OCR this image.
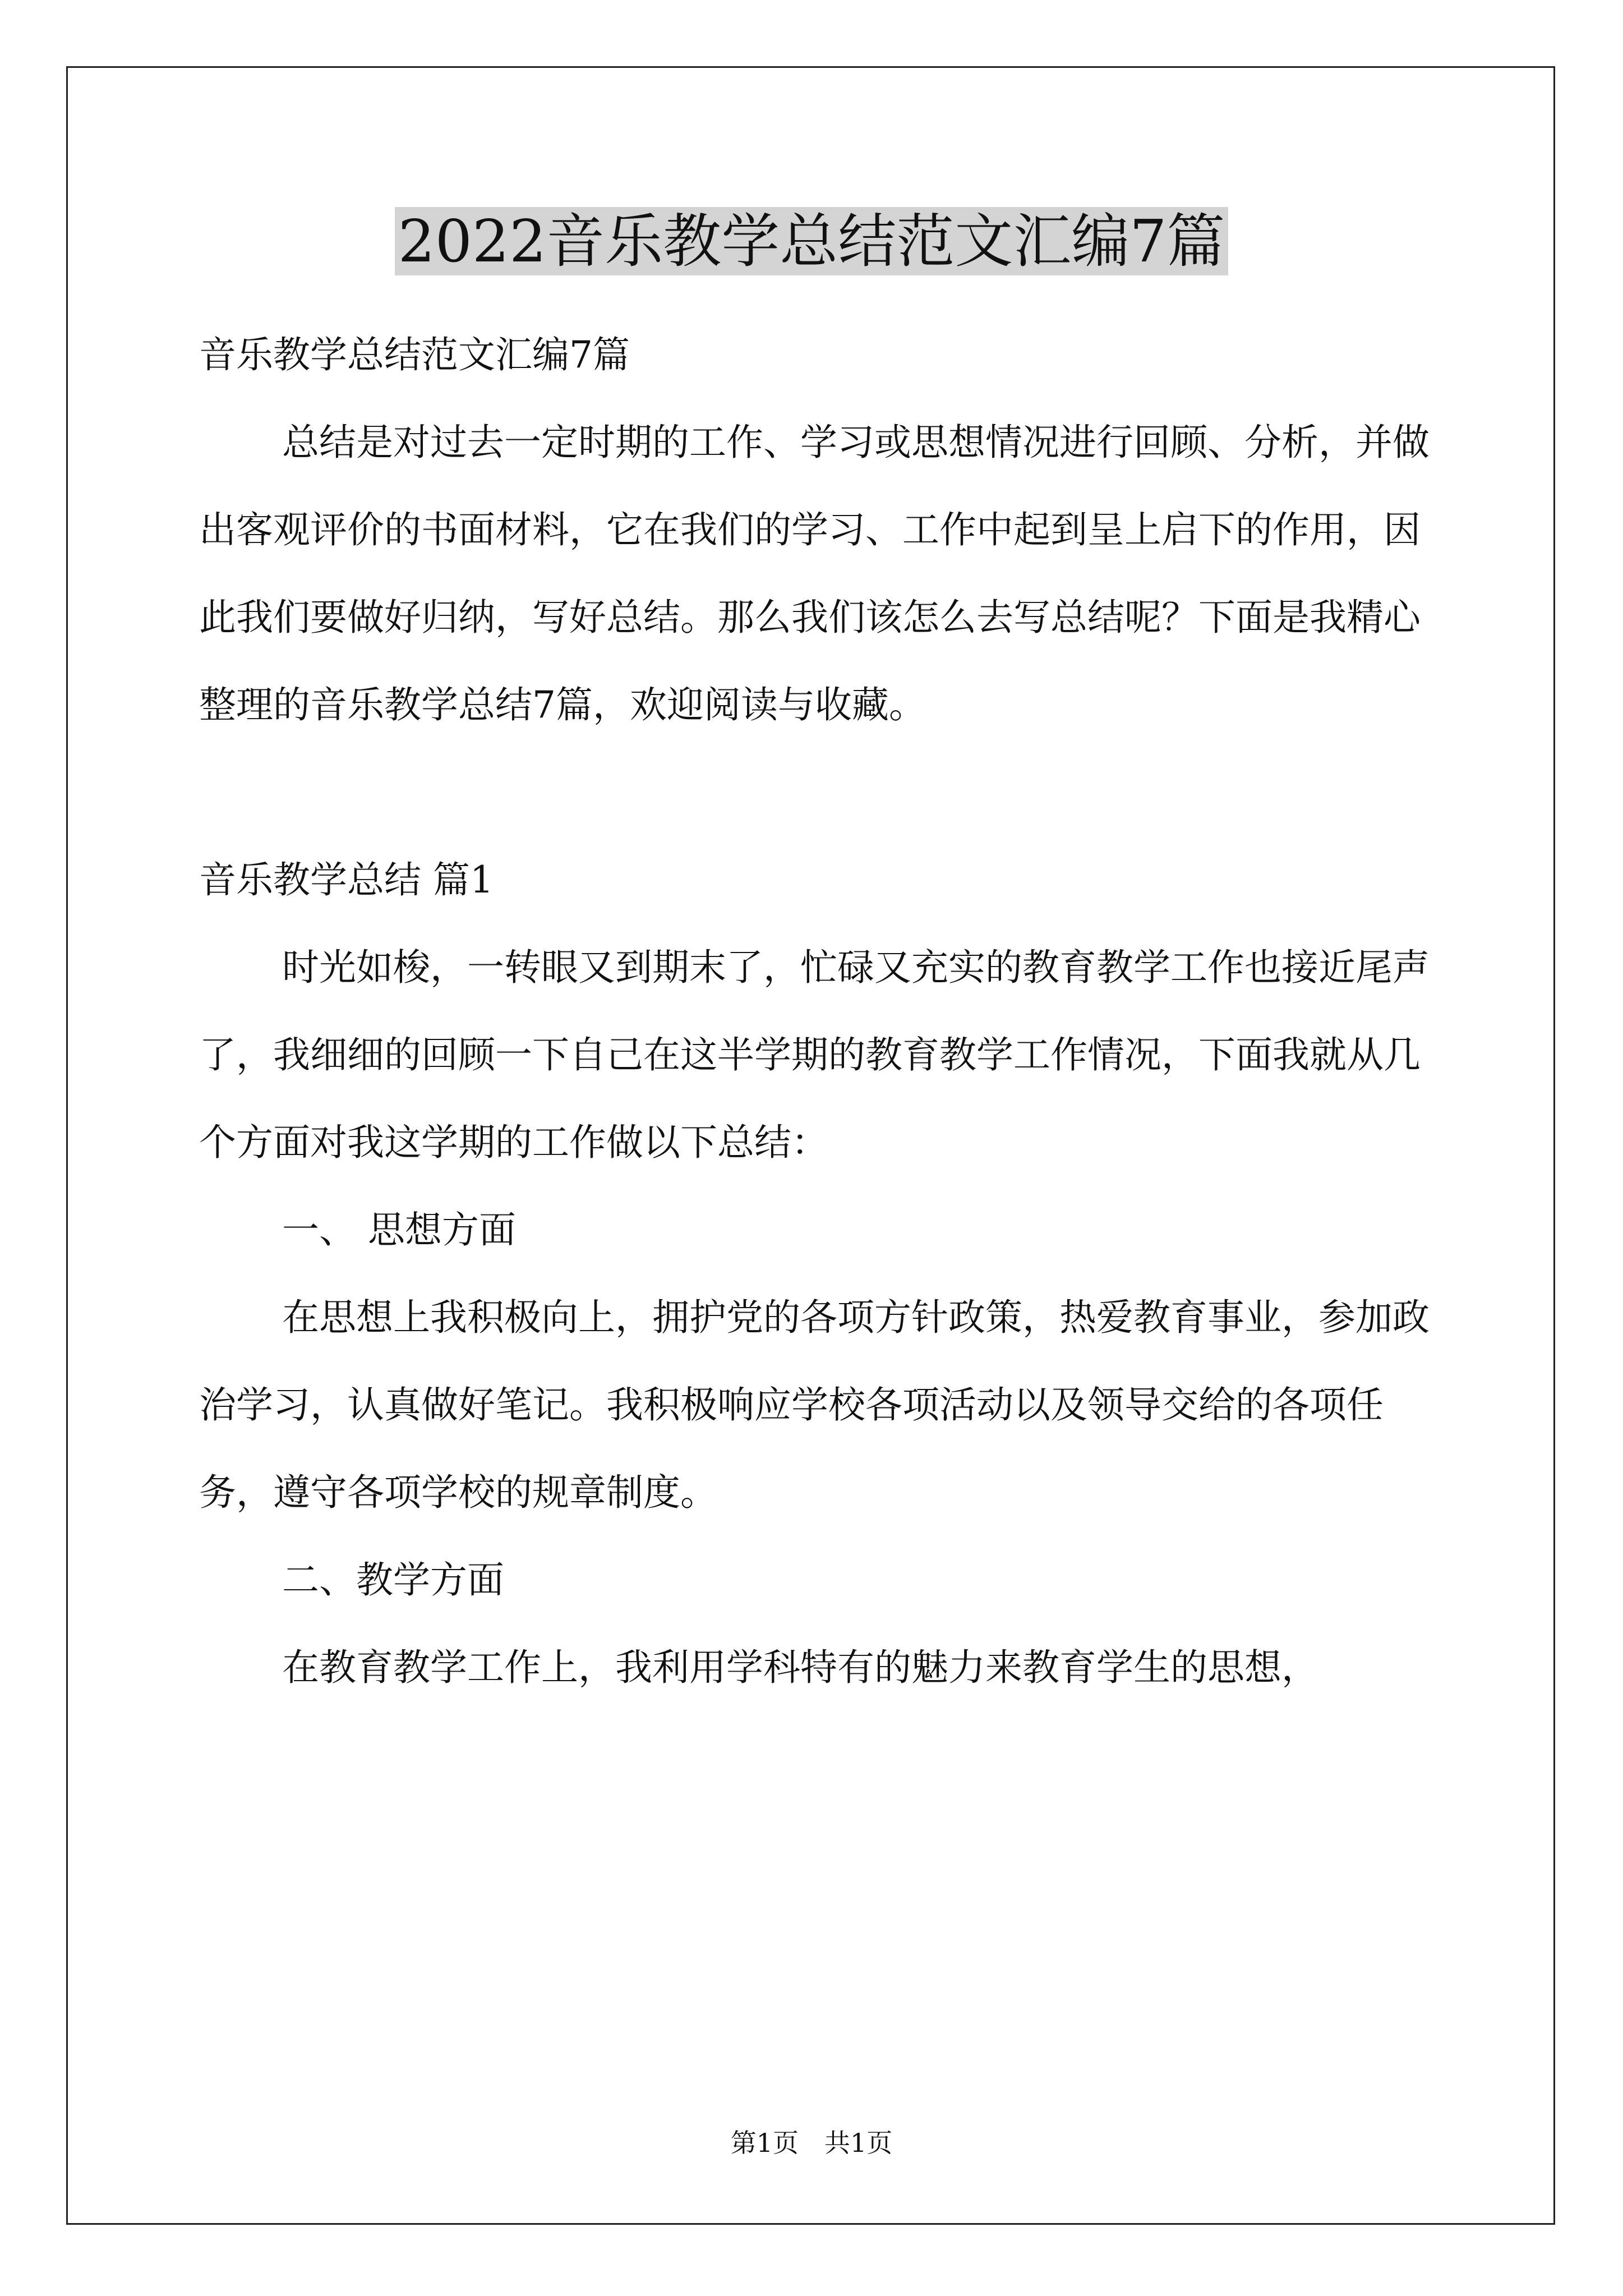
2022音乐教学总结范文汇编7篇

音乐教学总结范文汇编7篇

总结是对过去一定时期的工作、学习或思想情况进行回顾、分析，并做出客观评价的书面材料，它在我们的学习、工作中起到呈上启下的作用，因此我们要做好归纳，写好总结。那么我们该怎么去写总结呢？下面是我精心整理的音乐教学总结7篇，欢迎阅读与收藏。

音乐教学总结 篇1

时光如梭，一转眼又到期末了，忙碌又充实的教育教学工作也接近尾声了，我细细的回顾一下自己在这半学期的教育教学工作情况，下面我就从几个方面对我这学期的工作做以下总结：

一、 思想方面

在思想上我积极向上，拥护党的各项方针政策，热爱教育事业，参加政治学习，认真做好笔记。我积极响应学校各项活动以及领导交给的各项任务，遵守各项学校的规章制度。

二、教学方面

在教育教学工作上，我利用学科特有的魅力来教育学生的思想，

第1页 共1页
